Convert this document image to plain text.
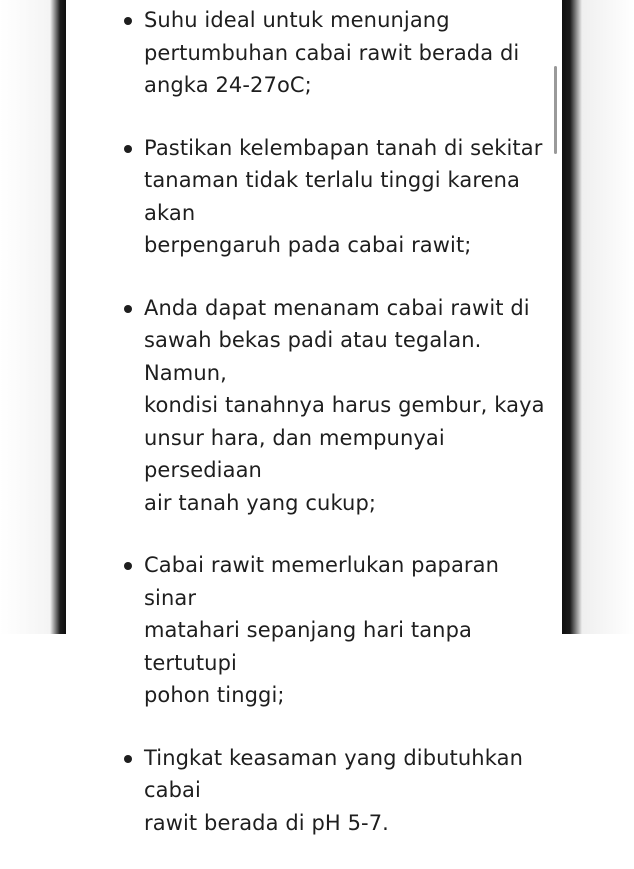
Suhu ideal untuk menunjang
pertumbuhan cabai rawit berada di
angka 24-27oC;
Pastikan kelembapan tanah di sekitar
tanaman tidak terlalu tinggi karena akan
berpengaruh pada cabai rawit;
Anda dapat menanam cabai rawit di
sawah bekas padi atau tegalan. Namun,
kondisi tanahnya harus gembur, kaya
unsur hara, dan mempunyai persediaan
air tanah yang cukup;
Cabai rawit memerlukan paparan sinar
matahari sepanjang hari tanpa tertutupi
pohon tinggi;
Tingkat keasaman yang dibutuhkan cabai
rawit berada di pH 5-7.
